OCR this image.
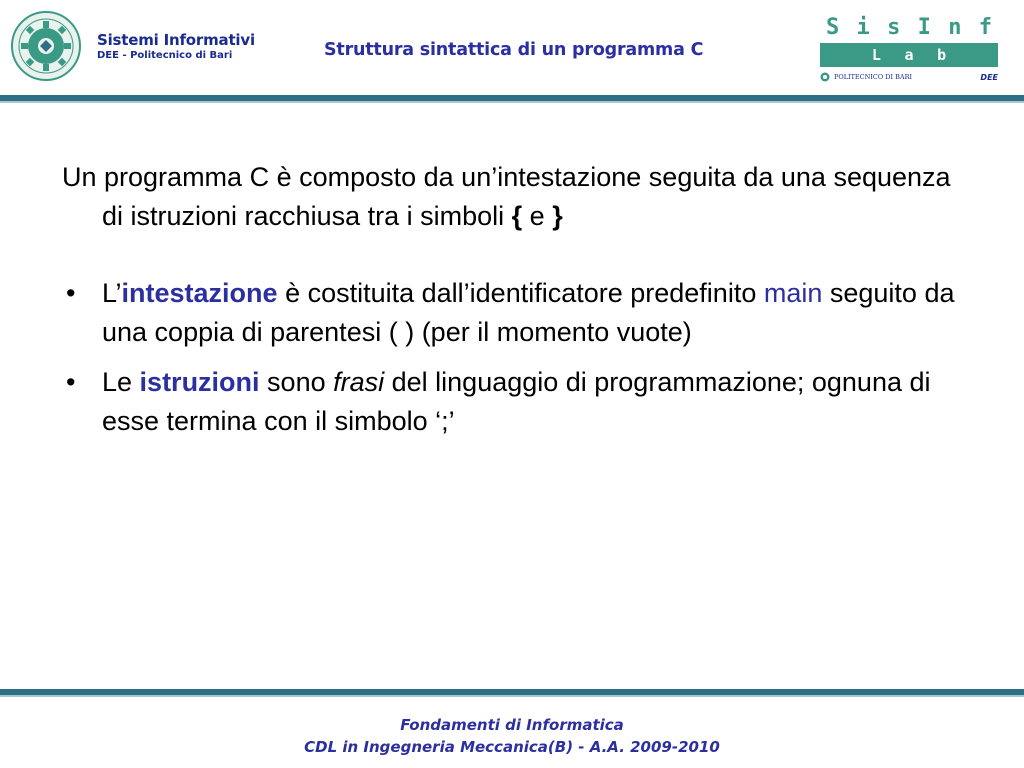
Sistemi Informativi
DEE - Politecnico di Bari	Struttura sintattica di un programma C
S i s I n f
L a b
POLITECNICO DI BARI	DEE

Un programma C è composto da un’intestazione seguita da una sequenza di istruzioni racchiusa tra i simboli { e }

• L’intestazione è costituita dall’identificatore predefinito main seguito da una coppia di parentesi ( ) (per il momento vuote)
• Le istruzioni sono frasi del linguaggio di programmazione; ognuna di esse termina con il simbolo ‘;’
Fondamenti di Informatica
CDL in Ingegneria Meccanica(B) - A.A. 2009-2010
